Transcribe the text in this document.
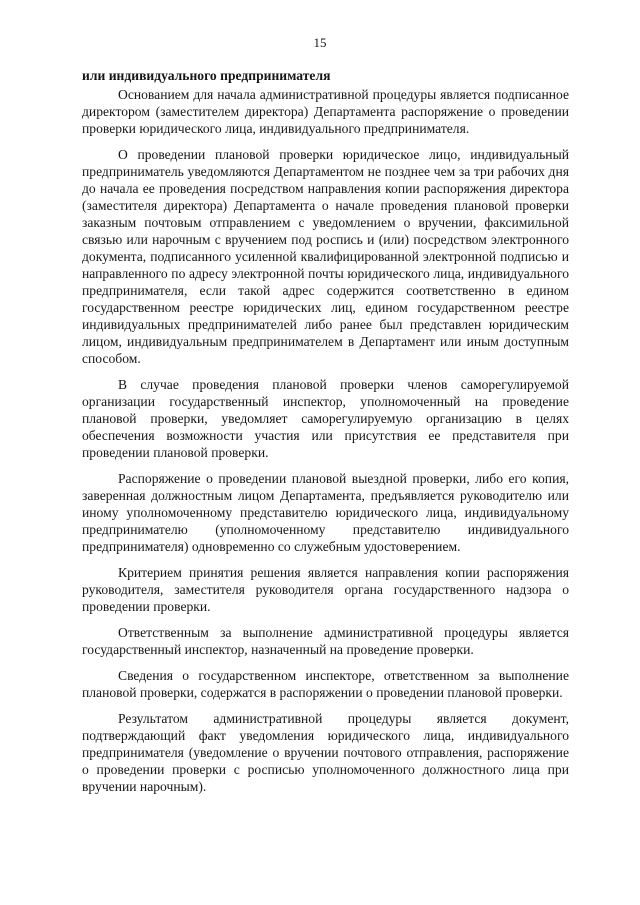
15

или индивидуального предпринимателя

Основанием для начала административной процедуры является подписанное директором (заместителем директора) Департамента распоряжение о проведении проверки юридического лица, индивидуального предпринимателя.

О проведении плановой проверки юридическое лицо, индивидуальный предприниматель уведомляются Департаментом не позднее чем за три рабочих дня до начала ее проведения посредством направления копии распоряжения директора (заместителя директора) Департамента о начале проведения плановой проверки заказным почтовым отправлением с уведомлением о вручении, факсимильной связью или нарочным с вручением под роспись и (или) посредством электронного документа, подписанного усиленной квалифицированной электронной подписью и направленного по адресу электронной почты юридического лица, индивидуального предпринимателя, если такой адрес содержится соответственно в едином государственном реестре юридических лиц, едином государственном реестре индивидуальных предпринимателей либо ранее был представлен юридическим лицом, индивидуальным предпринимателем в Департамент или иным доступным способом.

В случае проведения плановой проверки членов саморегулируемой организации государственный инспектор, уполномоченный на проведение плановой проверки, уведомляет саморегулируемую организацию в целях обеспечения возможности участия или присутствия ее представителя при проведении плановой проверки.

Распоряжение о проведении плановой выездной проверки, либо его копия, заверенная должностным лицом Департамента, предъявляется руководителю или иному уполномоченному представителю юридического лица, индивидуальному предпринимателю (уполномоченному представителю индивидуального предпринимателя) одновременно со служебным удостоверением.

Критерием принятия решения является направления копии распоряжения руководителя, заместителя руководителя органа государственного надзора о проведении проверки.

Ответственным за выполнение административной процедуры является государственный инспектор, назначенный на проведение проверки.

Сведения о государственном инспекторе, ответственном за выполнение плановой проверки, содержатся в распоряжении о проведении плановой проверки.

Результатом административной процедуры является документ, подтверждающий факт уведомления юридического лица, индивидуального предпринимателя (уведомление о вручении почтового отправления, распоряжение о проведении проверки с росписью уполномоченного должностного лица при вручении нарочным).
